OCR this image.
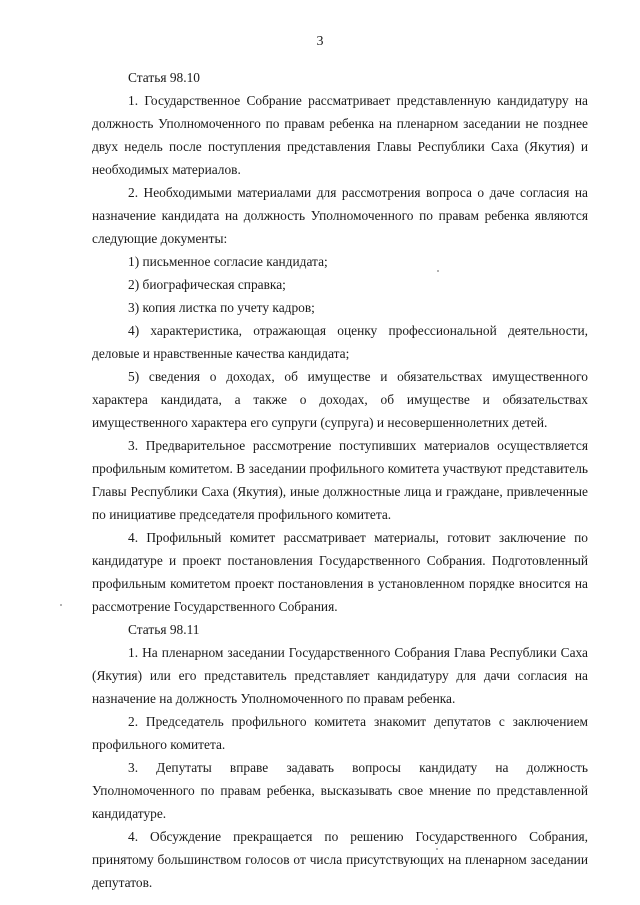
3

Статья 98.10

1. Государственное Собрание рассматривает представленную кандидатуру на должность Уполномоченного по правам ребенка на пленарном заседании не позднее двух недель после поступления представления Главы Республики Саха (Якутия) и необходимых материалов.

2. Необходимыми материалами для рассмотрения вопроса о даче согласия на назначение кандидата на должность Уполномоченного по правам ребенка являются следующие документы:

1) письменное согласие кандидата;

2) биографическая справка;

3) копия листка по учету кадров;

4) характеристика, отражающая оценку профессиональной деятельности, деловые и нравственные качества кандидата;

5) сведения о доходах, об имуществе и обязательствах имущественного характера кандидата, а также о доходах, об имуществе и обязательствах имущественного характера его супруги (супруга) и несовершеннолетних детей.

3. Предварительное рассмотрение поступивших материалов осуществляется профильным комитетом. В заседании профильного комитета участвуют представитель Главы Республики Саха (Якутия), иные должностные лица и граждане, привлеченные по инициативе председателя профильного комитета.

4. Профильный комитет рассматривает материалы, готовит заключение по кандидатуре и проект постановления Государственного Собрания. Подготовленный профильным комитетом проект постановления в установленном порядке вносится на рассмотрение Государственного Собрания.

Статья 98.11

1. На пленарном заседании Государственного Собрания Глава Республики Саха (Якутия) или его представитель представляет кандидатуру для дачи согласия на назначение на должность Уполномоченного по правам ребенка.

2. Председатель профильного комитета знакомит депутатов с заключением профильного комитета.

3. Депутаты вправе задавать вопросы кандидату на должность Уполномоченного по правам ребенка, высказывать свое мнение по представленной кандидатуре.

4. Обсуждение прекращается по решению Государственного Собрания, принятому большинством голосов от числа присутствующих на пленарном заседании депутатов.
